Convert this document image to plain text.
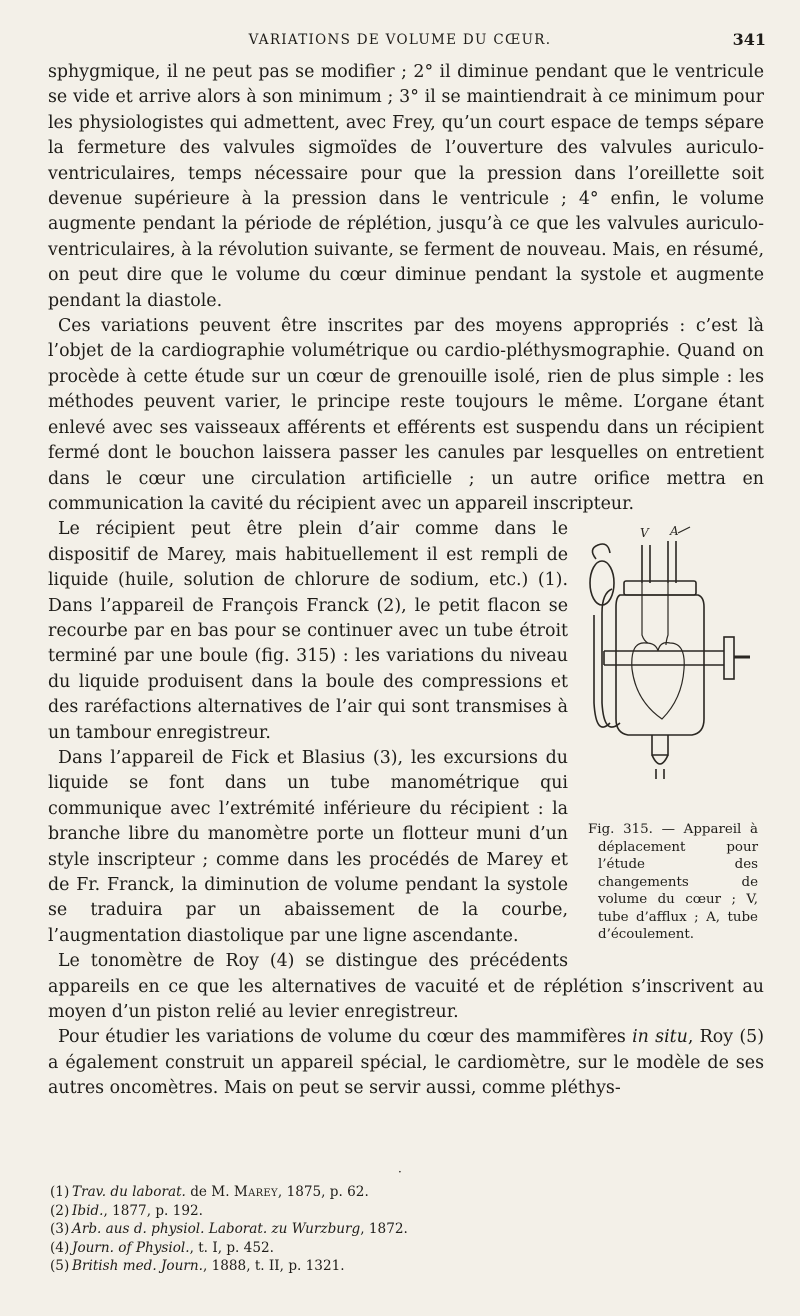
VARIATIONS DE VOLUME DU CŒUR.	341

sphygmique, il ne peut pas se modifier ; 2° il diminue pendant que le ventricule se vide et arrive alors à son minimum ; 3° il se maintiendrait à ce minimum pour les physiologistes qui admettent, avec Frey, qu’un court espace de temps sépare la fermeture des valvules sigmoïdes de l’ouverture des valvules auriculo-ventriculaires, temps nécessaire pour que la pression dans l’oreillette soit devenue supérieure à la pression dans le ventricule ; 4° enfin, le volume augmente pendant la période de réplétion, jusqu’à ce que les valvules auriculo-ventriculaires, à la révolution suivante, se ferment de nouveau. Mais, en résumé, on peut dire que le volume du cœur diminue pendant la systole et augmente pendant la diastole.

Ces variations peuvent être inscrites par des moyens appropriés : c’est là l’objet de la cardiographie volumétrique ou cardio-pléthysmographie. Quand on procède à cette étude sur un cœur de grenouille isolé, rien de plus simple : les méthodes peuvent varier, le principe reste toujours le même. L’organe étant enlevé avec ses vaisseaux afférents et efférents est suspendu dans un récipient fermé dont le bouchon laissera passer les canules par lesquelles on entretient dans le cœur une circulation artificielle ; un autre orifice mettra en communication la cavité du récipient avec un appareil inscripteur.

V A
Fig. 315. — Appareil à déplacement pour l’étude des changements de volume du cœur ; V, tube d’afflux ; A, tube d’écoulement.

Le récipient peut être plein d’air comme dans le dispositif de Marey, mais habituellement il est rempli de liquide (huile, solution de chlorure de sodium, etc.) (1). Dans l’appareil de François Franck (2), le petit flacon se recourbe par en bas pour se continuer avec un tube étroit terminé par une boule (fig. 315) : les variations du niveau du liquide produisent dans la boule des compressions et des raréfactions alternatives de l’air qui sont transmises à un tambour enregistreur.

Dans l’appareil de Fick et Blasius (3), les excursions du liquide se font dans un tube manométrique qui communique avec l’extrémité inférieure du récipient : la branche libre du manomètre porte un flotteur muni d’un style inscripteur ; comme dans les procédés de Marey et de Fr. Franck, la diminution de volume pendant la systole se traduira par un abaissement de la courbe, l’augmentation diastolique par une ligne ascendante.

Le tonomètre de Roy (4) se distingue des précédents appareils en ce que les alternatives de vacuité et de réplétion s’inscrivent au moyen d’un piston relié au levier enregistreur.

Pour étudier les variations de volume du cœur des mammifères in situ, Roy (5) a également construit un appareil spécial, le cardiomètre, sur le modèle de ses autres oncomètres. Mais on peut se servir aussi, comme pléthys-

·
(1) Trav. du laborat. de M. Marey, 1875, p. 62.
(2) Ibid., 1877, p. 192.
(3) Arb. aus d. physiol. Laborat. zu Wurzburg, 1872.
(4) Journ. of Physiol., t. I, p. 452.
(5) British med. Journ., 1888, t. II, p. 1321.
